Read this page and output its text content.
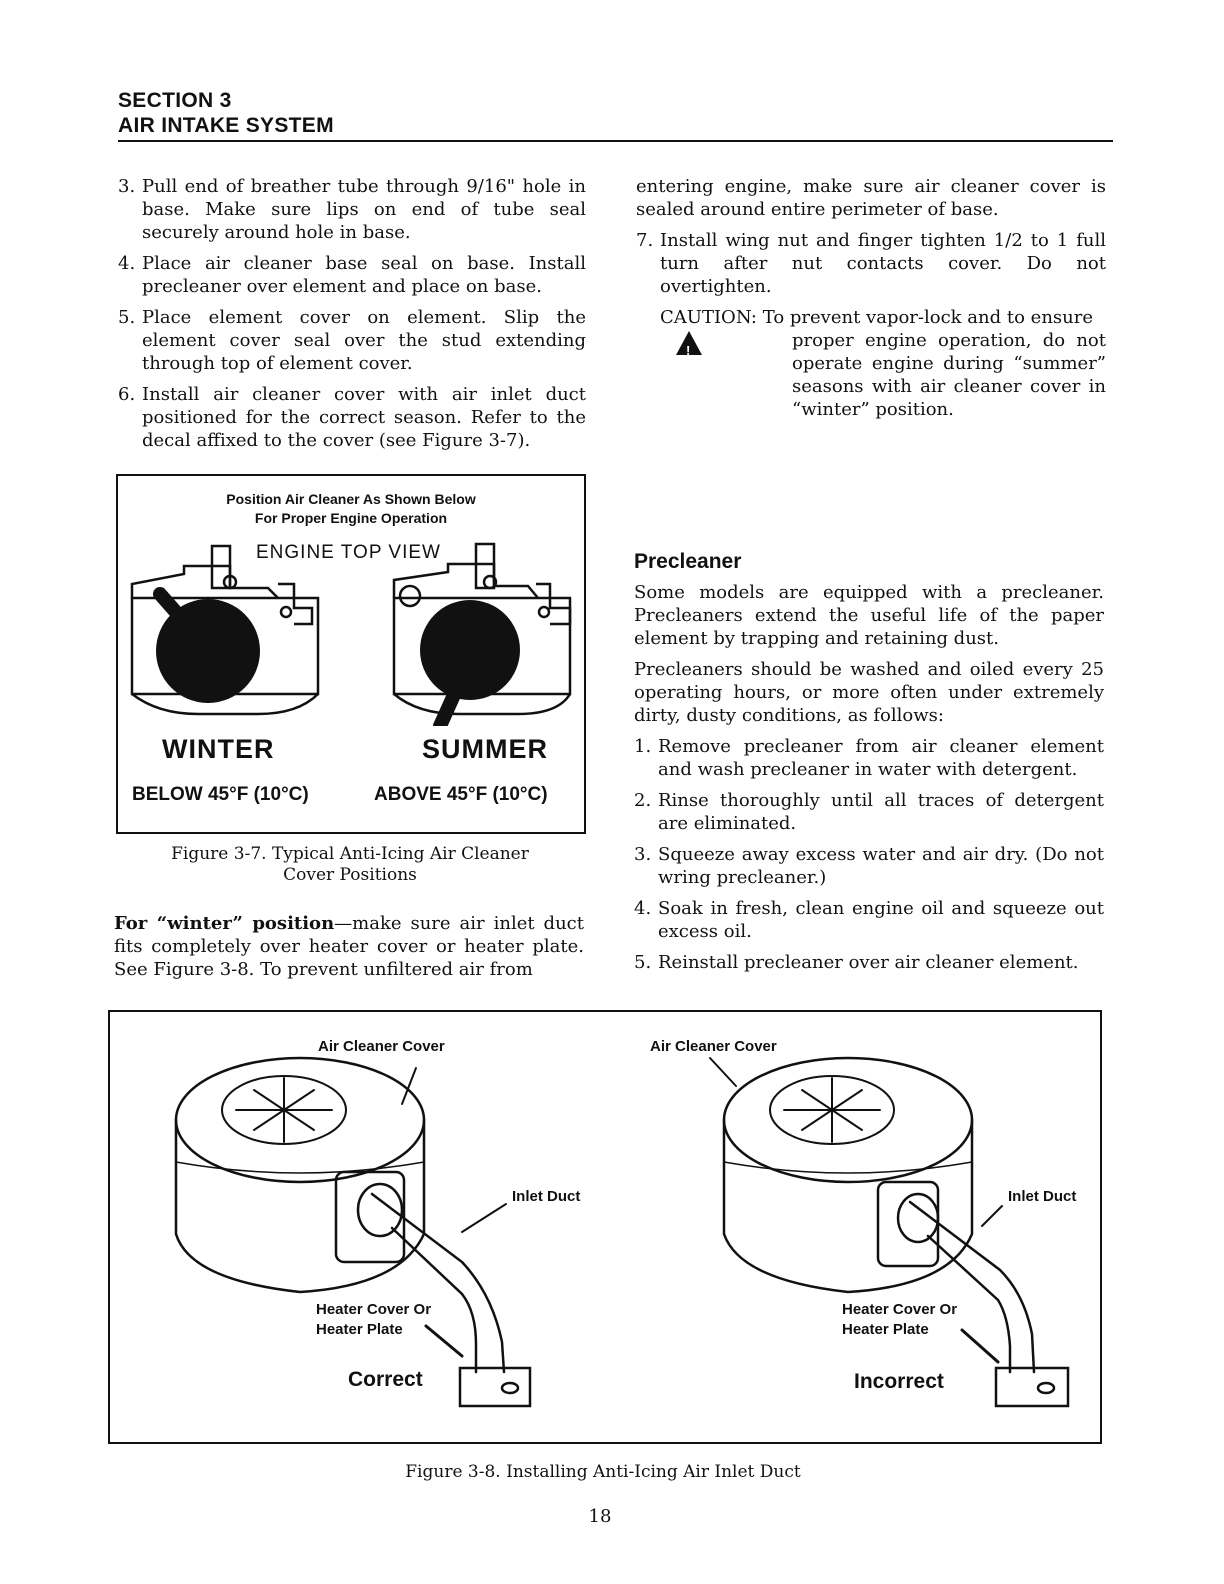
SECTION 3
AIR INTAKE SYSTEM
3. Pull end of breather tube through 9/16" hole in base. Make sure lips on end of tube seal securely around hole in base.
4. Place air cleaner base seal on base. Install precleaner over element and place on base.
5. Place element cover on element. Slip the element cover seal over the stud extending through top of element cover.
6. Install air cleaner cover with air inlet duct positioned for the correct season. Refer to the decal affixed to the cover (see Figure 3-7).
Position Air Cleaner As Shown Below
For Proper Engine Operation
ENGINE TOP VIEW
WINTER	SUMMER
BELOW 45°F (10°C)	ABOVE 45°F (10°C)
Figure 3-7. Typical Anti-Icing Air Cleaner
Cover Positions
For “winter” position—make sure air inlet duct fits completely over heater cover or heater plate. See Figure 3-8. To prevent unfiltered air from
entering engine, make sure air cleaner cover is sealed around entire perimeter of base.
7. Install wing nut and finger tighten 1/2 to 1 full turn after nut contacts cover. Do not overtighten.
CAUTION: To prevent vapor-lock and to ensure
!	proper engine operation, do not operate engine during “summer” seasons with air cleaner cover in “winter” position.
Precleaner
Some models are equipped with a precleaner. Precleaners extend the useful life of the paper element by trapping and retaining dust.
Precleaners should be washed and oiled every 25 operating hours, or more often under extremely dirty, dusty conditions, as follows:
1. Remove precleaner from air cleaner element and wash precleaner in water with detergent.
2. Rinse thoroughly until all traces of detergent are eliminated.
3. Squeeze away excess water and air dry. (Do not wring precleaner.)
4. Soak in fresh, clean engine oil and squeeze out excess oil.
5. Reinstall precleaner over air cleaner element.
Air Cleaner Cover
Inlet Duct
Heater Cover Or
Heater Plate
Correct
Air Cleaner Cover
Inlet Duct
Heater Cover Or
Heater Plate
Incorrect
Figure 3-8. Installing Anti-Icing Air Inlet Duct
18
